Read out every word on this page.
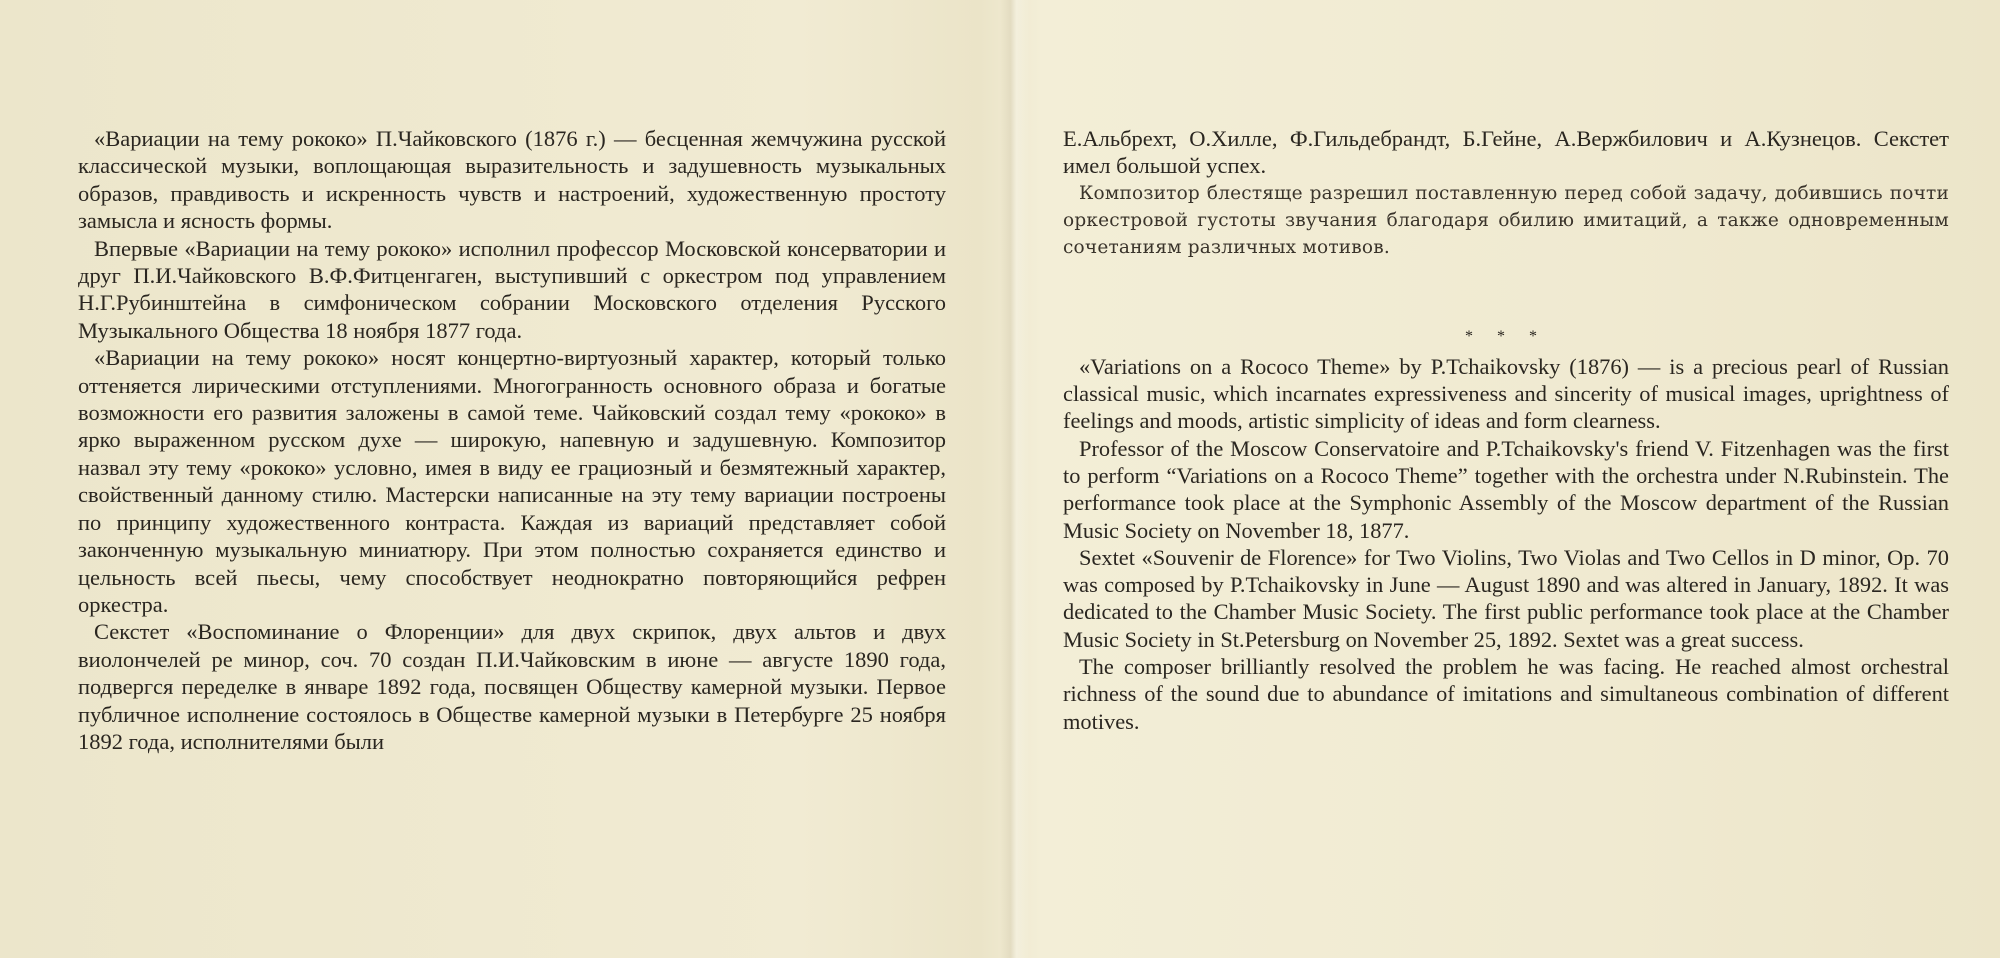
«Вариации на тему рококо» П.Чайковского (1876 г.) — бесценная жемчужина русской классической музыки, воплощающая выразительность и задушевность музыкальных образов, правдивость и искренность чувств и настроений, художественную простоту замысла и ясность формы.

Впервые «Вариации на тему рококо» исполнил профессор Московской консерватории и друг П.И.Чайковского В.Ф.Фитценгаген, выступивший с оркестром под управлением Н.Г.Рубинштейна в симфоническом собрании Московского отделения Русского Музыкального Общества 18 ноября 1877 года.

«Вариации на тему рококо» носят концертно-виртуозный характер, который только оттеняется лирическими отступлениями. Многогранность основного образа и богатые возможности его развития заложены в самой теме. Чайковский создал тему «рококо» в ярко выраженном русском духе — широкую, напевную и задушевную. Композитор назвал эту тему «рококо» условно, имея в виду ее грациозный и безмятежный характер, свойственный данному стилю. Мастерски написанные на эту тему вариации построены по принципу художественного контраста. Каждая из вариаций представляет собой законченную музыкальную миниатюру. При этом полностью сохраняется единство и цельность всей пьесы, чему способствует неоднократно повторяющийся рефрен оркестра.

Секстет «Воспоминание о Флоренции» для двух скрипок, двух альтов и двух виолончелей ре минор, соч. 70 создан П.И.Чайковским в июне — августе 1890 года, подвергся переделке в январе 1892 года, посвящен Обществу камерной музыки. Первое публичное исполнение состоялось в Обществе камерной музыки в Петербурге 25 ноября 1892 года, исполнителями были

Е.Альбрехт, О.Хилле, Ф.Гильдебрандт, Б.Гейне, А.Вержбилович и А.Кузнецов. Секстет имел большой успех.

Композитор блестяще разрешил поставленную перед собой задачу, добившись почти оркестровой густоты звучания благодаря обилию имитаций, а также одновременным сочетаниям различных мотивов.

* * *

«Variations on a Rococo Theme» by P.Tchaikovsky (1876) — is a precious pearl of Russian classical music, which incarnates expressiveness and sincerity of musical images, uprightness of feelings and moods, artistic simplicity of ideas and form clearness.

Professor of the Moscow Conservatoire and P.Tchaikovsky's friend V. Fitzenhagen was the first to perform “Variations on a Rococo Theme” together with the orchestra under N.Rubinstein. The performance took place at the Symphonic Assembly of the Moscow department of the Russian Music Society on November 18, 1877.

Sextet «Souvenir de Florence» for Two Violins, Two Violas and Two Cellos in D minor, Op. 70 was composed by P.Tchaikovsky in June — August 1890 and was altered in January, 1892. It was dedicated to the Chamber Music Society. The first public performance took place at the Chamber Music Society in St.Petersburg on November 25, 1892. Sextet was a great success.

The composer brilliantly resolved the problem he was facing. He reached almost orchestral richness of the sound due to abundance of imitations and simultaneous combination of different motives.
